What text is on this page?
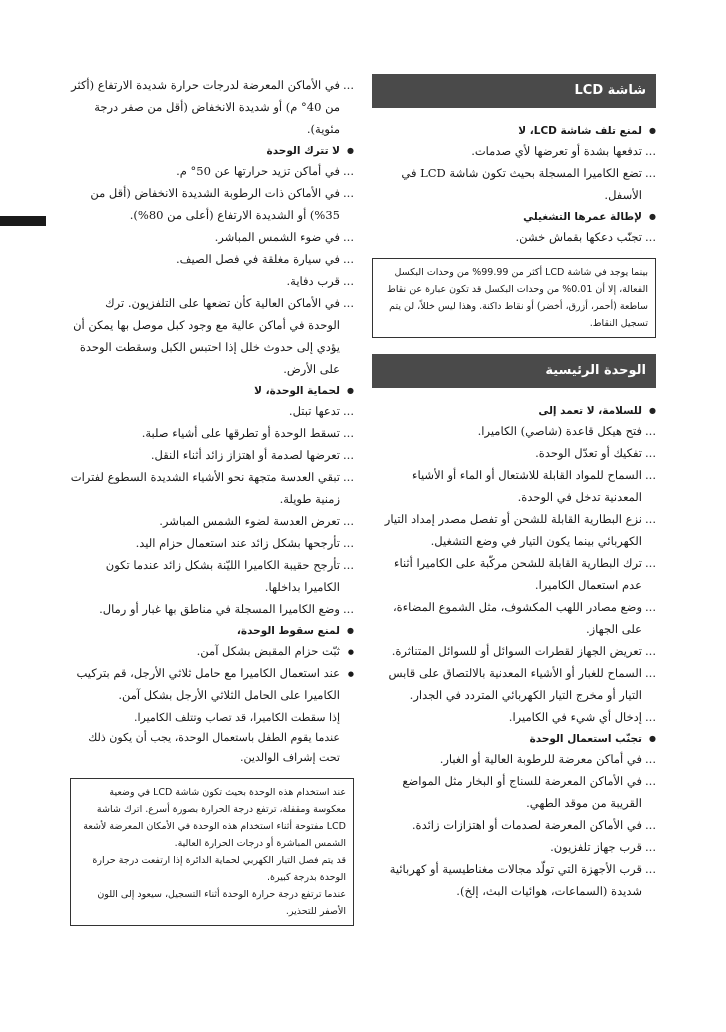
شاشة LCD

● لمنع تلف شاشة LCD، لا

... تدفعها بشدة أو تعرضها لأي صدمات.
... تضع الكاميرا المسجلة بحيث تكون شاشة LCD في الأسفل.

● لإطالة عمرها التشغيلي

... تجنّب دعكها بقماش خشن.

بينما يوجد في شاشة LCD أكثر من 99.99% من وحدات البكسل الفعالة، إلا أن 0.01% من وحدات البكسل قد تكون عبارة عن نقاط ساطعة (أحمر، أزرق، أخضر) أو نقاط داكنة. وهذا ليس خللاً، لن يتم تسجيل النقاط.

الوحدة الرئيسية

● للسلامة، لا تعمد إلى

... فتح هيكل قاعدة (شاصي) الكاميرا.
... تفكيك أو تعدّل الوحدة.
... السماح للمواد القابلة للاشتعال أو الماء أو الأشياء المعدنية تدخل في الوحدة.
... نزع البطارية القابلة للشحن أو تفصل مصدر إمداد التيار الكهربائي بينما يكون التيار في وضع التشغيل.
... ترك البطارية القابلة للشحن مركّبة على الكاميرا أثناء عدم استعمال الكاميرا.
... وضع مصادر اللهب المكشوف، مثل الشموع المضاءة، على الجهاز.
... تعريض الجهاز لقطرات السوائل أو للسوائل المتناثرة.
... السماح للغبار أو الأشياء المعدنية بالالتصاق على قابس التيار أو مخرج التيار الكهربائي المتردد في الجدار.
... إدخال أي شيء في الكاميرا.

● تجنّب استعمال الوحدة

... في أماكن معرضة للرطوبة العالية أو الغبار.
... في الأماكن المعرضة للسناج أو البخار مثل المواضع القريبة من موقد الطهي.
... في الأماكن المعرضة لصدمات أو اهتزازات زائدة.
... قرب جهاز تلفزيون.
... قرب الأجهزة التي تولّد مجالات مغناطيسية أو كهربائية شديدة (السماعات، هوائيات البث، إلخ).
... في الأماكن المعرضة لدرجات حرارة شديدة الارتفاع (أكثر من 40° م) أو شديدة الانخفاض (أقل من صفر درجة مئوية).

● لا تترك الوحدة

... في أماكن تزيد حرارتها عن 50° م.
... في الأماكن ذات الرطوبة الشديدة الانخفاض (أقل من 35%) أو الشديدة الارتفاع (أعلى من 80%).
... في ضوء الشمس المباشر.
... في سيارة مغلقة في فصل الصيف.
... قرب دفاية.
... في الأماكن العالية كأن تضعها على التلفزيون. ترك الوحدة في أماكن عالية مع وجود كبل موصل بها يمكن أن يؤدي إلى حدوث خلل إذا احتبس الكبل وسقطت الوحدة على الأرض.

● لحماية الوحدة، لا

... تدعها تبتل.
... تسقط الوحدة أو تطرقها على أشياء صلبة.
... تعرضها لصدمة أو اهتزاز زائد أثناء النقل.
... تبقي العدسة متجهة نحو الأشياء الشديدة السطوع لفترات زمنية طويلة.
... تعرض العدسة لضوء الشمس المباشر.
... تأرجحها بشكل زائد عند استعمال حزام اليد.
... تأرجح حقيبة الكاميرا الليّنة بشكل زائد عندما تكون الكاميرا بداخلها.
... وضع الكاميرا المسجلة في مناطق بها غبار أو رمال.

● لمنع سقوط الوحدة،

● ثبّت حزام المقبض بشكل آمن.
● عند استعمال الكاميرا مع حامل ثلاثي الأرجل، قم بتركيب الكاميرا على الحامل الثلاثي الأرجل بشكل آمن.

إذا سقطت الكاميرا، قد تصاب وتتلف الكاميرا.

عندما يقوم الطفل باستعمال الوحدة، يجب أن يكون ذلك تحت إشراف الوالدين.

عند استخدام هذه الوحدة بحيث تكون شاشة LCD في وضعية معكوسة ومقفلة، ترتفع درجة الحرارة بصورة أسرع. اترك شاشة LCD مفتوحة أثناء استخدام هذه الوحدة في الأمكان المعرضة لأشعة الشمس المباشرة أو درجات الحرارة العالية.

قد يتم فصل التيار الكهربي لحماية الدائرة إذا ارتفعت درجة حرارة الوحدة بدرجة كبيرة.

عندما ترتفع درجة حرارة الوحدة أثناء التسجيل، سيعود إلى اللون الأصفر للتحذير.
